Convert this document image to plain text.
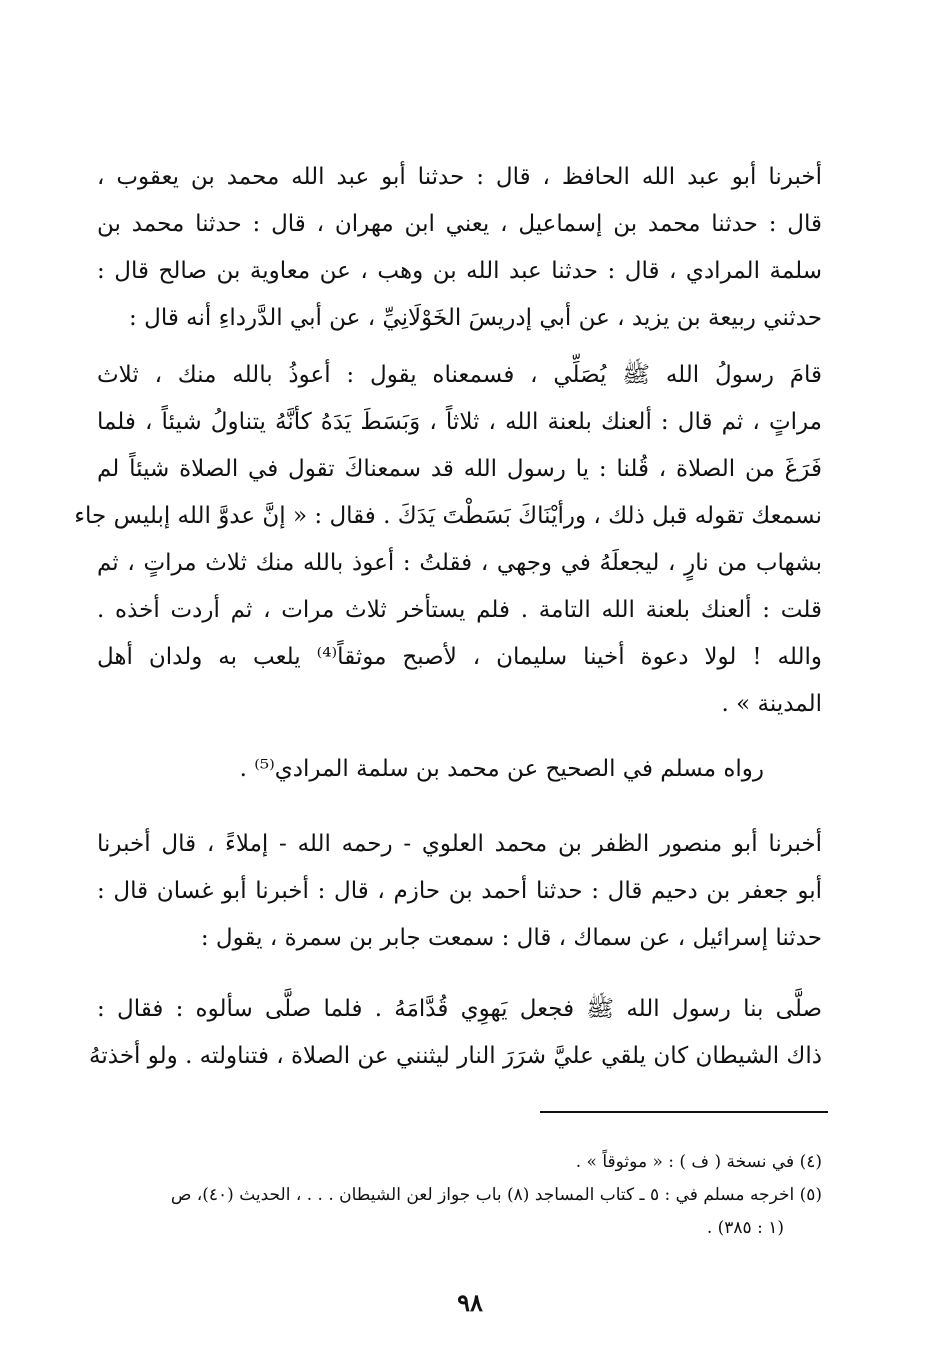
أخبرنا أبو عبد الله الحافظ ، قال : حدثنا أبو عبد الله محمد بن يعقوب ،
قال : حدثنا محمد بن إسماعيل ، يعني ابن مهران ، قال : حدثنا محمد بن
سلمة المرادي ، قال : حدثنا عبد الله بن وهب ، عن معاوية بن صالح قال :
حدثني ربيعة بن يزيد ، عن أبي إدريسَ الخَوْلَانِيِّ ، عن أبي الدَّرداءِ أنه قال :
قامَ رسولُ الله ﷺ يُصَلِّي ، فسمعناه يقول : أعوذُ بالله منك ، ثلاث
مراتٍ ، ثم قال : ألعنك بلعنة الله ، ثلاثاً ، وَبَسَطَ يَدَهُ كأنَّهُ يتناولُ شيئاً ، فلما
فَرَغَ من الصلاة ، قُلنا : يا رسول الله قد سمعناكَ تقول في الصلاة شيئاً لم
نسمعك تقوله قبل ذلك ، ورأيْنَاكَ بَسَطْتَ يَدَكَ . فقال : « إنَّ عدوَّ الله إبليس جاء
بشهاب من نارٍ ، ليجعلَهُ في وجهي ، فقلتُ : أعوذ بالله منك ثلاث مراتٍ ، ثم
قلت : ألعنك بلعنة الله التامة . فلم يستأخر ثلاث مرات ، ثم أردت أخذه .
والله ! لولا دعوة أخينا سليمان ، لأصبح موثقاً⁽⁴⁾ يلعب به ولدان أهل
المدينة » .
رواه مسلم في الصحيح عن محمد بن سلمة المرادي⁽⁵⁾ .
أخبرنا أبو منصور الظفر بن محمد العلوي - رحمه الله - إملاءً ، قال أخبرنا
أبو جعفر بن دحيم قال : حدثنا أحمد بن حازم ، قال : أخبرنا أبو غسان قال :
حدثنا إسرائيل ، عن سماك ، قال : سمعت جابر بن سمرة ، يقول :
صلَّى بنا رسول الله ﷺ فجعل يَهوِي قُدَّامَهُ . فلما صلَّى سألوه : فقال :
ذاك الشيطان كان يلقي عليَّ شرَرَ النار ليثنني عن الصلاة ، فتناولته . ولو أخذتهُ
(٤) في نسخة ( ف ) : « موثوقاً » .
(٥) اخرجه مسلم في : ٥ ـ كتاب المساجد (٨) باب جواز لعن الشيطان . . . ، الحديث (٤٠)، ص
(١ : ٣٨٥) .
٩٨
